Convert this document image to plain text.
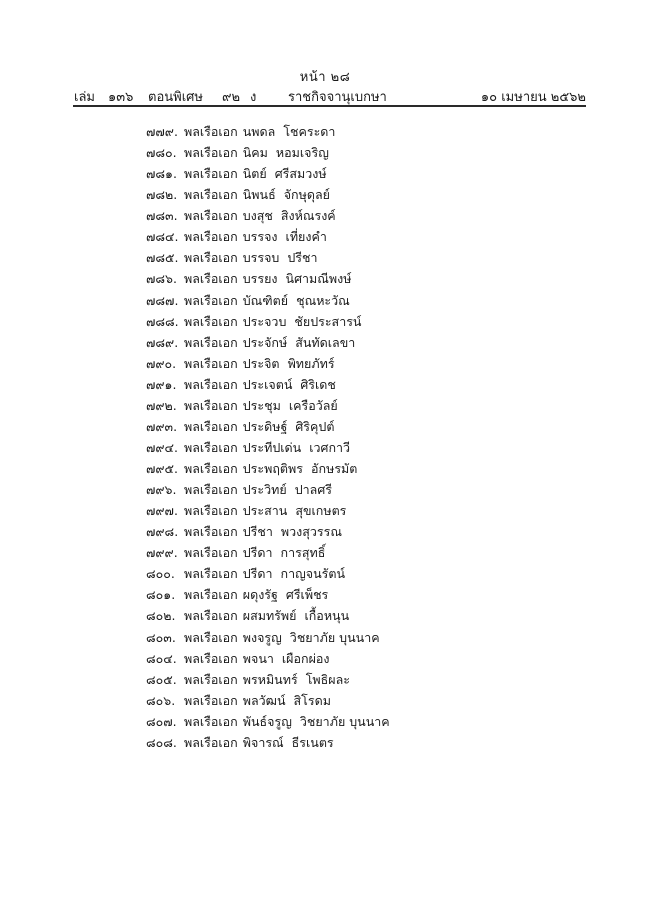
หน้า ๒๘
เล่ม ๑๓๖ ตอนพิเศษ ๙๒ ง ราชกิจจานุเบกษา	๑๐ เมษายน ๒๕๖๒
๗๗๙. พลเรือเอก นพดล โชคระดา
๗๘๐. พลเรือเอก นิคม หอมเจริญ
๗๘๑. พลเรือเอก นิตย์ ศรีสมวงษ์
๗๘๒. พลเรือเอก นิพนธ์ จักษุดุลย์
๗๘๓. พลเรือเอก บงสุช สิงห์ณรงค์
๗๘๔. พลเรือเอก บรรจง เที่ยงคำ
๗๘๕. พลเรือเอก บรรจบ ปรีชา
๗๘๖. พลเรือเอก บรรยง นิศามณีพงษ์
๗๘๗. พลเรือเอก บัณฑิตย์ ชุณหะวัณ
๗๘๘. พลเรือเอก ประจวบ ชัยประสารน์
๗๘๙. พลเรือเอก ประจักษ์ สันทัดเลขา
๗๙๐. พลเรือเอก ประจิต พิทยภัทร์
๗๙๑. พลเรือเอก ประเจตน์ ศิริเดช
๗๙๒. พลเรือเอก ประชุม เครือวัลย์
๗๙๓. พลเรือเอก ประดิษฐ์ ศิริคุปต์
๗๙๔. พลเรือเอก ประทีปเด่น เวศกาวี
๗๙๕. พลเรือเอก ประพฤติพร อักษรมัต
๗๙๖. พลเรือเอก ประวิทย์ ปาลศรี
๗๙๗. พลเรือเอก ประสาน สุขเกษตร
๗๙๘. พลเรือเอก ปรีชา พวงสุวรรณ
๗๙๙. พลเรือเอก ปรีดา การสุทธิ์
๘๐๐. พลเรือเอก ปรีดา กาญจนรัตน์
๘๐๑. พลเรือเอก ผดุงรัฐ ศรีเพ็ชร
๘๐๒. พลเรือเอก ผสมทรัพย์ เกื้อหนุน
๘๐๓. พลเรือเอก พงจรูญ วิชยาภัย บุนนาค
๘๐๔. พลเรือเอก พจนา เผือกผ่อง
๘๐๕. พลเรือเอก พรหมินทร์ โพธิผละ
๘๐๖. พลเรือเอก พลวัฒน์ สิโรดม
๘๐๗. พลเรือเอก พันธ์จรูญ วิชยาภัย บุนนาค
๘๐๘. พลเรือเอก พิจารณ์ ธีรเนตร
